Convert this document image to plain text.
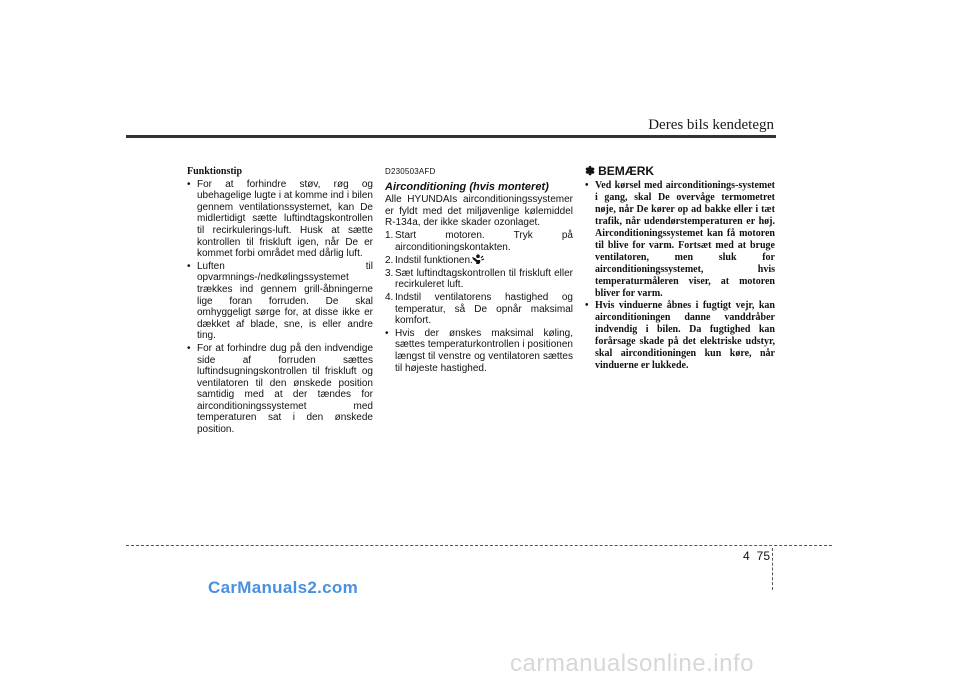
Deres bils kendetegn
Funktionstip

• For at forhindre støv, røg og ubehagelige lugte i at komme ind i bilen gennem ventilationssystemet, kan De midlertidigt sætte luftindtagskontrollen til recirkulerings-luft. Husk at sætte kontrollen til friskluft igen, når De er kommet forbi området med dårlig luft.

• Luften til opvarmnings-/nedkølingssystemet trækkes ind gennem grill-åbningerne lige foran forruden. De skal omhyggeligt sørge for, at disse ikke er dækket af blade, sne, is eller andre ting.

• For at forhindre dug på den indvendige side af forruden sættes luftindsugningskontrollen til friskluft og ventilatoren til den ønskede position samtidig med at der tændes for airconditioningssystemet med temperaturen sat i den ønskede position.

D230503AFD
Airconditioning (hvis monteret)

Alle HYUNDAIs airconditioningssystemer er fyldt med det miljøvenlige kølemiddel R-134a, der ikke skader ozonlaget.

1. Start motoren. Tryk på airconditioningskontakten.

2. Indstil funktionen.

3. Sæt luftindtagskontrollen til friskluft eller recirkuleret luft.

4. Indstil ventilatorens hastighed og temperatur, så De opnår maksimal komfort.

• Hvis der ønskes maksimal køling, sættes temperaturkontrollen i positionen længst til venstre og ventilatoren sættes til højeste hastighed.

✽ BEMÆRK

• Ved kørsel med airconditionings-systemet i gang, skal De overvåge termometret nøje, når De kører op ad bakke eller i tæt trafik, når udendørstemperaturen er høj. Airconditioningssystemet kan få motoren til blive for varm. Fortsæt med at bruge ventilatoren, men sluk for airconditioningssystemet, hvis temperaturmåleren viser, at motoren bliver for varm.

• Hvis vinduerne åbnes i fugtigt vejr, kan airconditioningen danne vanddråber indvendig i bilen. Da fugtighed kan forårsage skade på det elektriske udstyr, skal airconditioningen kun køre, når vinduerne er lukkede.

4 75
CarManuals2.com
carmanualsonline.info
